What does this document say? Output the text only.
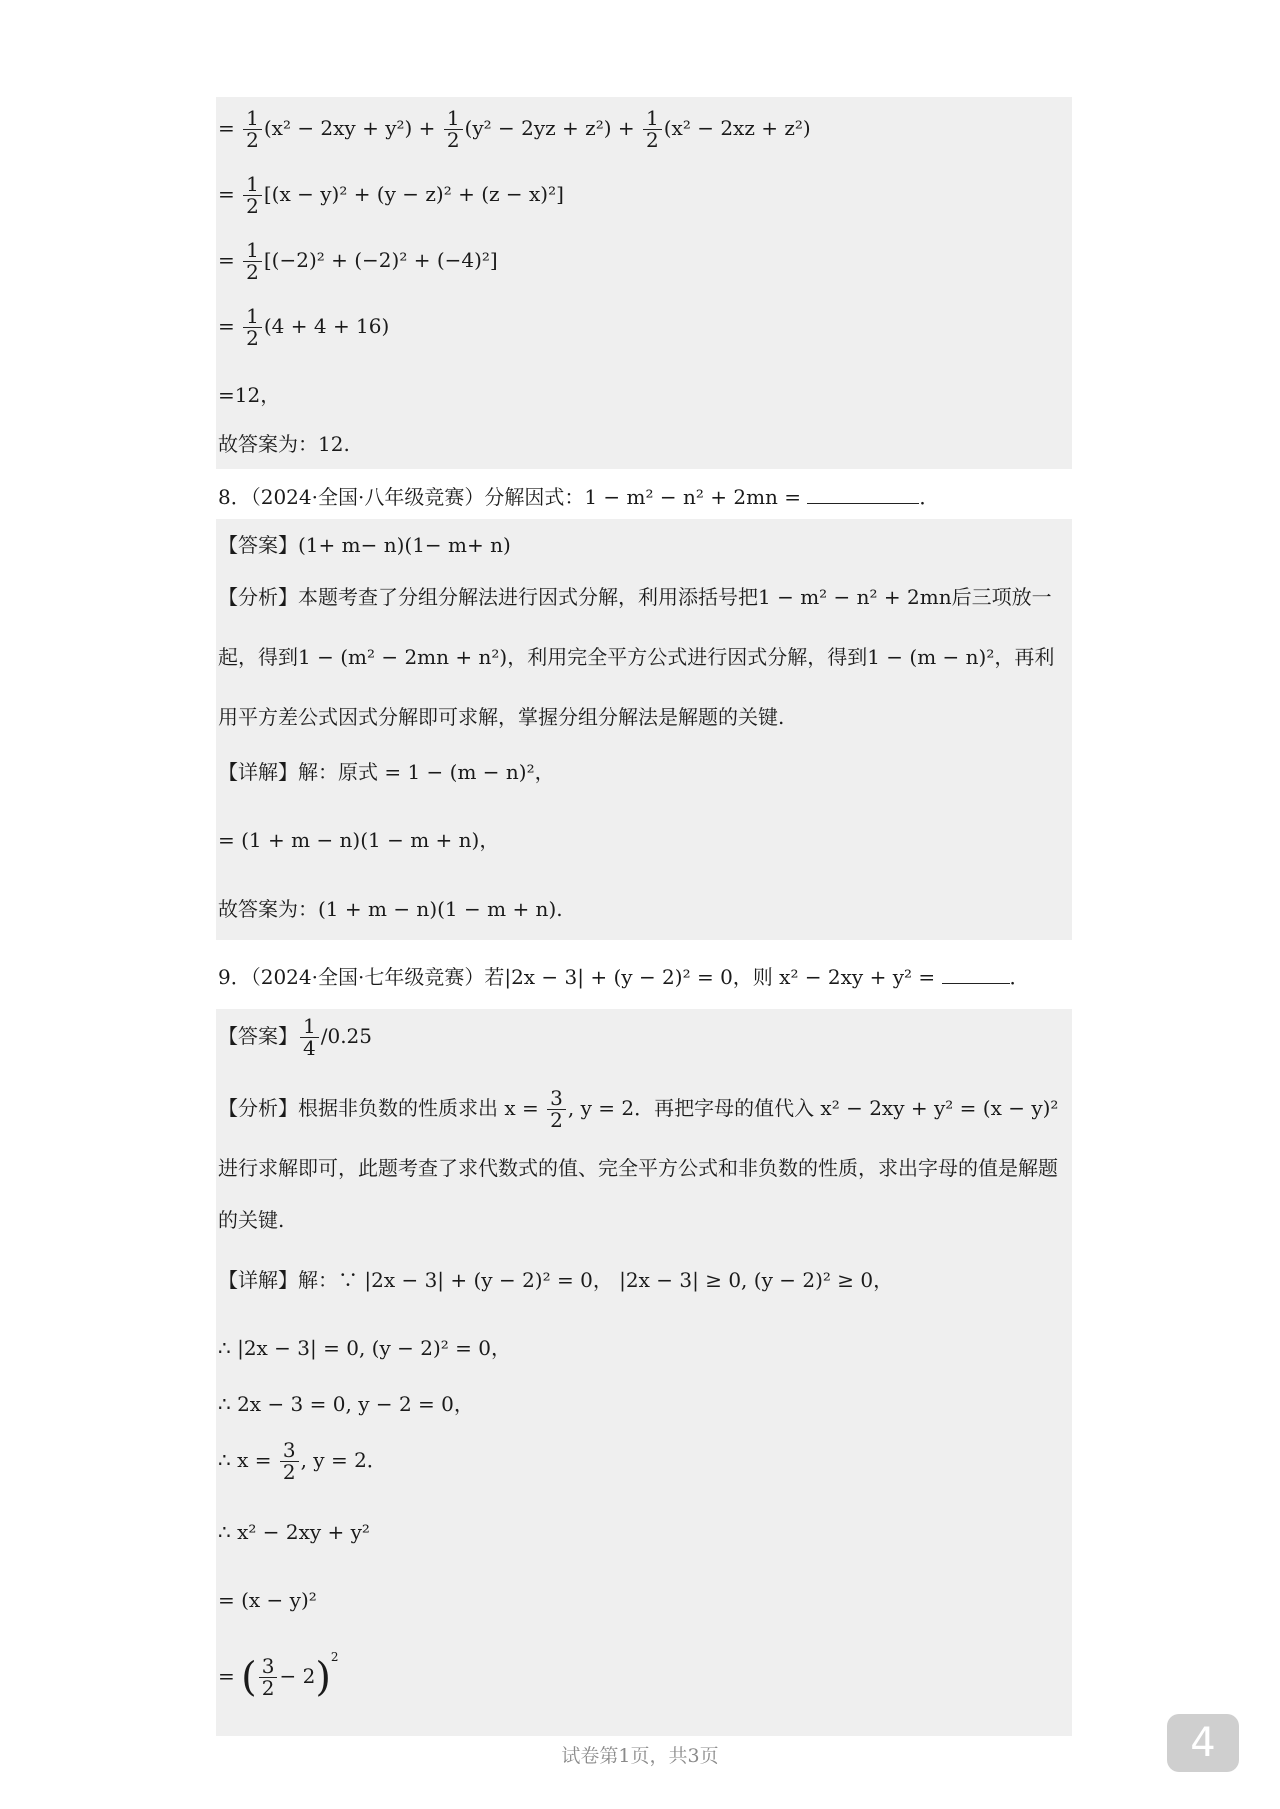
= $\frac{1}{2} (x^2 - 2xy + y^2) + \frac{1}{2} (y^2 - 2yz + z^2) + \frac{1}{2} (x^2 - 2xz + z^2)$
= $\frac{1}{2} [(x - y)^2 + (y - z)^2 + (z - x)^2]$
= $\frac{1}{2} [(-2)^2 + (-2)^2 + (-4)^2]$
= $\frac{1}{2} (4 + 4 + 16)$
=12，
故答案为：12.
8．（2024·全国·八年级竞赛）分解因式：1 − m² − n² + 2mn =	．
【答案】(1+ m− n)(1− m+ n)
【分析】本题考查了分组分解法进行因式分解，利用添括号把1 − m² − n² + 2mn后三项放一起，得到1 − (m² − 2mn + n²)，利用完全平方公式进行因式分解，得到1 − (m − n)²，再利用平方差公式因式分解即可求解，掌握分组分解法是解题的关键.
【详解】解：原式 = 1 − (m − n)²，
= (1 + m − n)(1 − m + n)，
故答案为：(1 + m − n)(1 − m + n).
9．（2024·全国·七年级竞赛）若|2x − 3| + (y − 2)² = 0，则 x² − 2xy + y² =	．
【答案】 $\frac{1}{4} /0.25$
【分析】根据非负数的性质求出 $x = \frac{3}{2}$ , y = 2．再把字母的值代入 x² − 2xy + y² = (x − y)²
进行求解即可，此题考查了求代数式的值、完全平方公式和非负数的性质，求出字母的值是解题的关键.
【详解】解：∵ |2x − 3| + (y − 2)² = 0， |2x − 3| ≥ 0, (y − 2)² ≥ 0，
∴ |2x − 3| = 0, (y − 2)² = 0，
∴ 2x − 3 = 0, y − 2 = 0，
∴ $x = \frac{3}{2}$ , y = 2．
∴ x² − 2xy + y²
= (x − y)²
= ( $\frac{3}{2} - 2)^2$
试卷第1页，共3页	4
